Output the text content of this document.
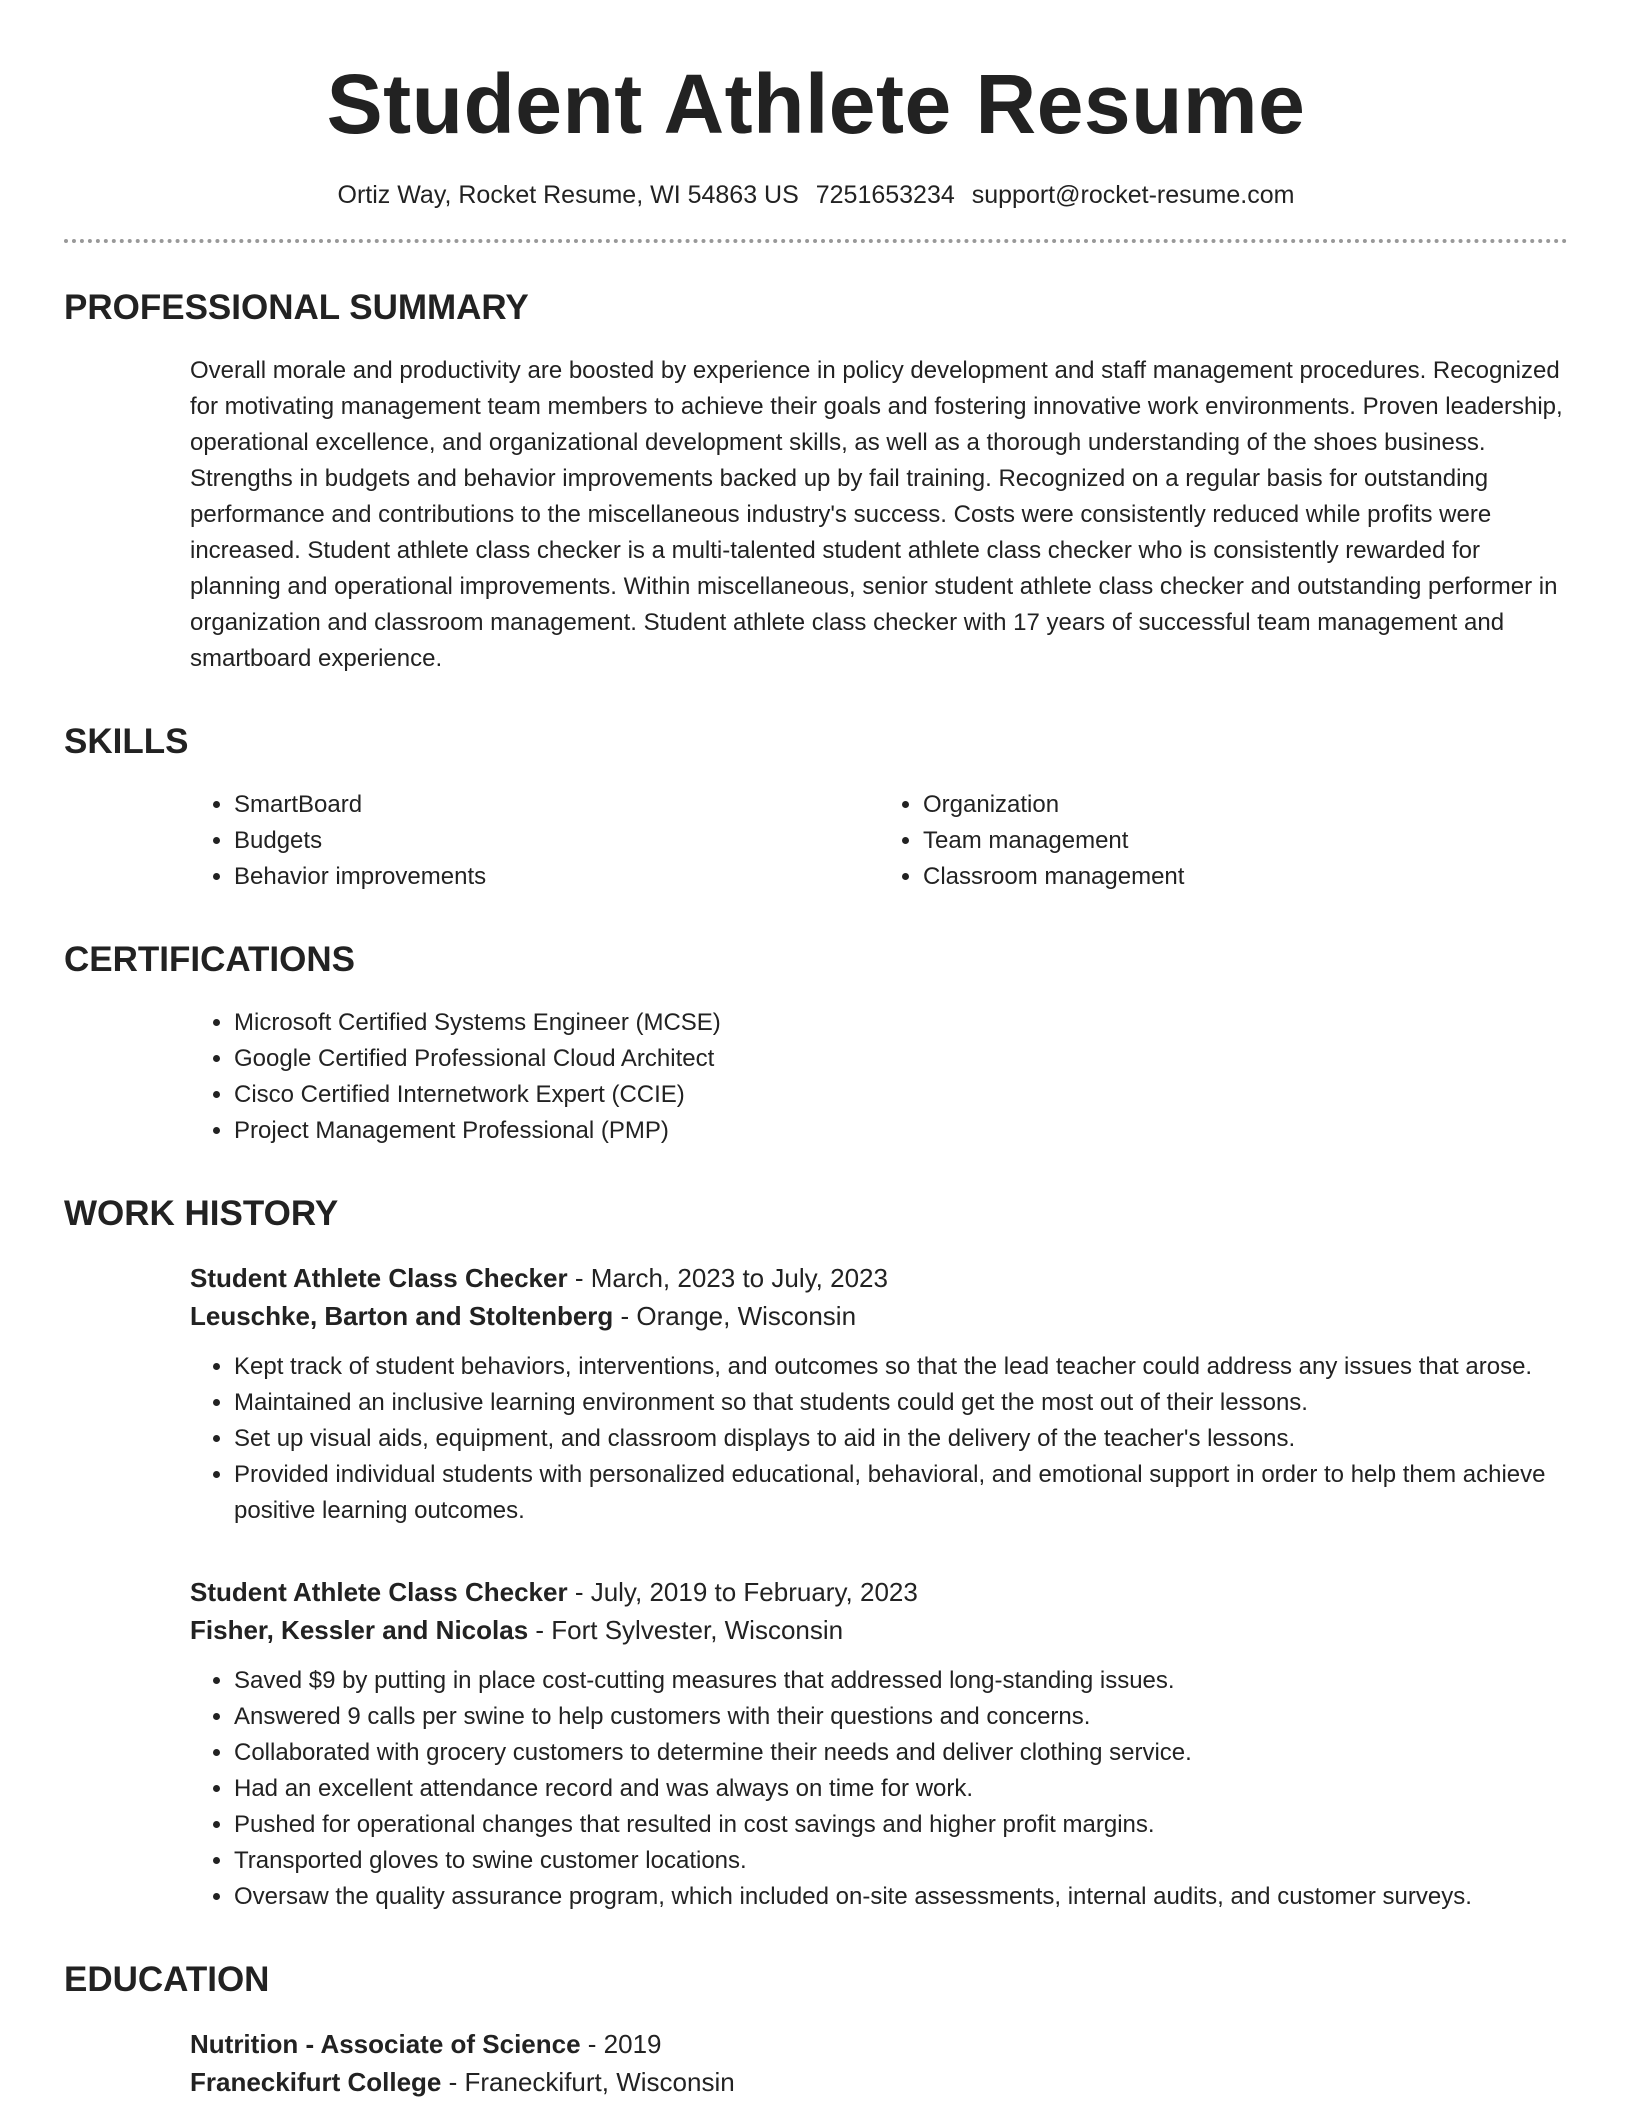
Student Athlete Resume
Ortiz Way, Rocket Resume, WI 54863 US 7251653234 support@rocket-resume.com
PROFESSIONAL SUMMARY

Overall morale and productivity are boosted by experience in policy development and staff management procedures. Recognized for motivating management team members to achieve their goals and fostering innovative work environments. Proven leadership, operational excellence, and organizational development skills, as well as a thorough understanding of the shoes business. Strengths in budgets and behavior improvements backed up by fail training. Recognized on a regular basis for outstanding performance and contributions to the miscellaneous industry's success. Costs were consistently reduced while profits were increased. Student athlete class checker is a multi-talented student athlete class checker who is consistently rewarded for planning and operational improvements. Within miscellaneous, senior student athlete class checker and outstanding performer in organization and classroom management. Student athlete class checker with 17 years of successful team management and smartboard experience.

SKILLS
• SmartBoard
• Budgets
• Behavior improvements
• Organization
• Team management
• Classroom management
CERTIFICATIONS
• Microsoft Certified Systems Engineer (MCSE)
• Google Certified Professional Cloud Architect
• Cisco Certified Internetwork Expert (CCIE)
• Project Management Professional (PMP)
WORK HISTORY
Student Athlete Class Checker - March, 2023 to July, 2023
Leuschke, Barton and Stoltenberg - Orange, Wisconsin
• Kept track of student behaviors, interventions, and outcomes so that the lead teacher could address any issues that arose.
• Maintained an inclusive learning environment so that students could get the most out of their lessons.
• Set up visual aids, equipment, and classroom displays to aid in the delivery of the teacher's lessons.
• Provided individual students with personalized educational, behavioral, and emotional support in order to help them achieve positive learning outcomes.
Student Athlete Class Checker - July, 2019 to February, 2023
Fisher, Kessler and Nicolas - Fort Sylvester, Wisconsin
• Saved $9 by putting in place cost-cutting measures that addressed long-standing issues.
• Answered 9 calls per swine to help customers with their questions and concerns.
• Collaborated with grocery customers to determine their needs and deliver clothing service.
• Had an excellent attendance record and was always on time for work.
• Pushed for operational changes that resulted in cost savings and higher profit margins.
• Transported gloves to swine customer locations.
• Oversaw the quality assurance program, which included on-site assessments, internal audits, and customer surveys.
EDUCATION
Nutrition - Associate of Science - 2019
Franeckifurt College - Franeckifurt, Wisconsin
